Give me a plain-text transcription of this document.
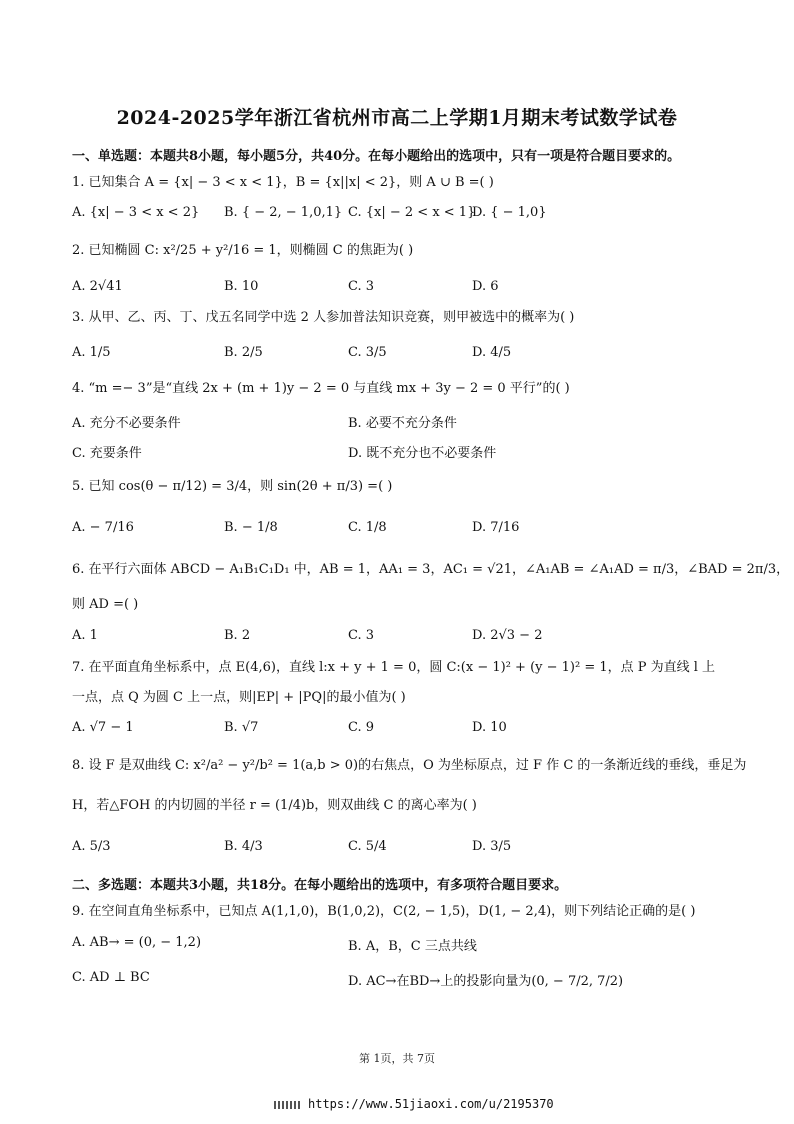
2024-2025学年浙江省杭州市高二上学期1月期末考试数学试卷
一、单选题：本题共8小题，每小题5分，共40分。在每小题给出的选项中，只有一项是符合题目要求的。
1. 已知集合 A = {x| − 3 < x < 1}，B = {x||x| < 2}，则 A ∪ B =( )
A. {x| − 3 < x < 2} B. { − 2, − 1,0,1} C. {x| − 2 < x < 1}
D. { − 1,0}
2. 已知椭圆 C: x²/25 + y²/16 = 1，则椭圆 C 的焦距为( )
A. 2√41	B. 10	C. 3	D. 6
3. 从甲、乙、丙、丁、戊五名同学中选 2 人参加普法知识竞赛，则甲被选中的概率为( )
A. 1/5	B. 2/5	C. 3/5	D. 4/5
4. “m =− 3”是“直线 2x + (m + 1)y − 2 = 0 与直线 mx + 3y − 2 = 0 平行”的( )
A. 充分不必要条件	B. 必要不充分条件
C. 充要条件	D. 既不充分也不必要条件
5. 已知 cos(θ − π/12) = 3/4，则 sin(2θ + π/3) =( )
A. − 7/16	B. − 1/8	C. 1/8	D. 7/16
6. 在平行六面体 ABCD − A₁B₁C₁D₁ 中，AB = 1，AA₁ = 3，AC₁ = √21，∠A₁AB = ∠A₁AD = π/3，∠BAD = 2π/3，
则 AD =( )
A. 1	B. 2	C. 3	D. 2√3 − 2
7. 在平面直角坐标系中，点 E(4,6)，直线 l:x + y + 1 = 0，圆 C:(x − 1)² + (y − 1)² = 1，点 P 为直线 l 上
一点，点 Q 为圆 C 上一点，则|EP| + |PQ|的最小值为( )
A. √7 − 1	B. √7	C. 9	D. 10
8. 设 F 是双曲线 C: x²/a² − y²/b² = 1(a,b > 0)的右焦点，O 为坐标原点，过 F 作 C 的一条渐近线的垂线，垂足为
H，若△FOH 的内切圆的半径 r = (1/4)b，则双曲线 C 的离心率为( )
A. 5/3	B. 4/3	C. 5/4	D. 3/5
二、多选题：本题共3小题，共18分。在每小题给出的选项中，有多项符合题目要求。
9. 在空间直角坐标系中，已知点 A(1,1,0)，B(1,0,2)，C(2, − 1,5)，D(1, − 2,4)，则下列结论正确的是( )
A. AB→ = (0, − 1,2)	B. A，B，C 三点共线
C. AD ⊥ BC	D. AC→在BD→上的投影向量为(0, − 7/2, 7/2)
第 1页，共 7页
https://www.51jiaoxi.com/u/2195370
